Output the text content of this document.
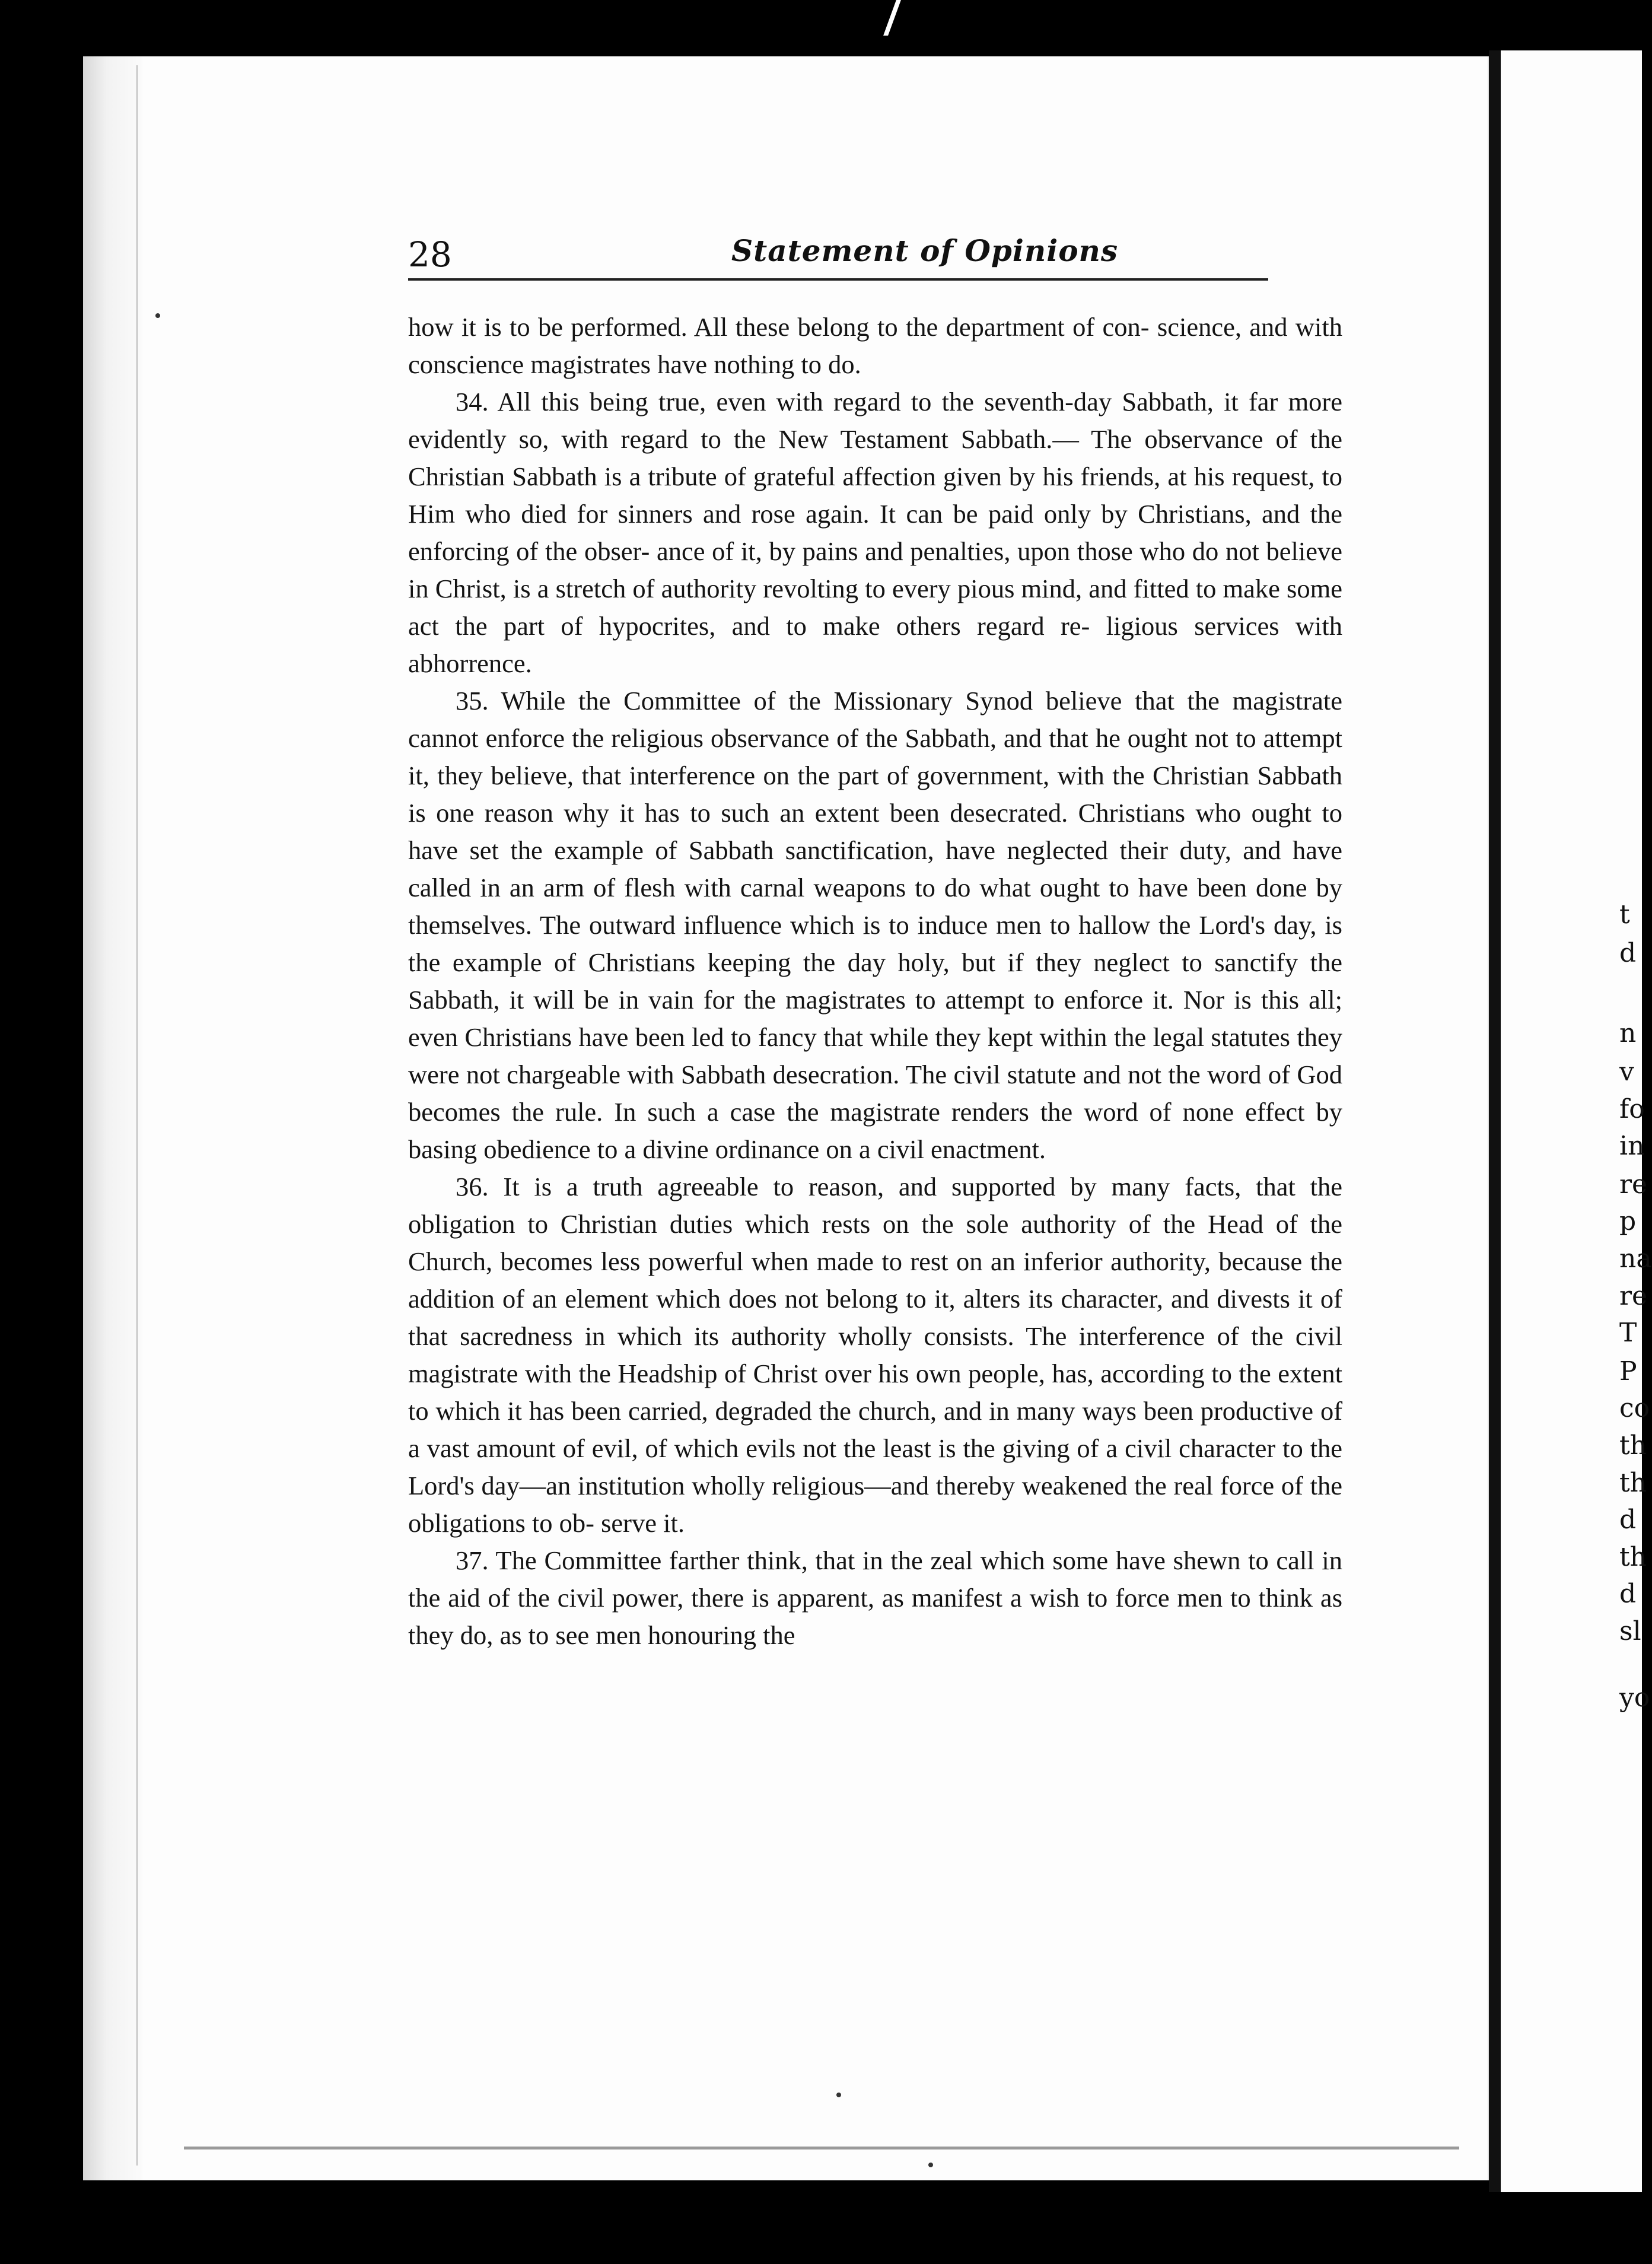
t
d
n
v
fo
in
re
p
na
re
T
P
co
th
th
d
th
d
sl
yo
28	Statement of Opinions
how it is to be performed. All these belong to the department of con- science, and with conscience magistrates have nothing to do.
34. All this being true, even with regard to the seventh-day Sabbath, it far more evidently so, with regard to the New Testament Sabbath.— The observance of the Christian Sabbath is a tribute of grateful affection given by his friends, at his request, to Him who died for sinners and rose again. It can be paid only by Christians, and the enforcing of the obser- ance of it, by pains and penalties, upon those who do not believe in Christ, is a stretch of authority revolting to every pious mind, and fitted to make some act the part of hypocrites, and to make others regard re- ligious services with abhorrence.
35. While the Committee of the Missionary Synod believe that the magistrate cannot enforce the religious observance of the Sabbath, and that he ought not to attempt it, they believe, that interference on the part of government, with the Christian Sabbath is one reason why it has to such an extent been desecrated. Christians who ought to have set the example of Sabbath sanctification, have neglected their duty, and have called in an arm of flesh with carnal weapons to do what ought to have been done by themselves. The outward influence which is to induce men to hallow the Lord's day, is the example of Christians keeping the day holy, but if they neglect to sanctify the Sabbath, it will be in vain for the magistrates to attempt to enforce it. Nor is this all; even Christians have been led to fancy that while they kept within the legal statutes they were not chargeable with Sabbath desecration. The civil statute and not the word of God becomes the rule. In such a case the magistrate renders the word of none effect by basing obedience to a divine ordinance on a civil enactment.
36. It is a truth agreeable to reason, and supported by many facts, that the obligation to Christian duties which rests on the sole authority of the Head of the Church, becomes less powerful when made to rest on an inferior authority, because the addition of an element which does not belong to it, alters its character, and divests it of that sacredness in which its authority wholly consists. The interference of the civil magistrate with the Headship of Christ over his own people, has, according to the extent to which it has been carried, degraded the church, and in many ways been productive of a vast amount of evil, of which evils not the least is the giving of a civil character to the Lord's day—an institution wholly religious—and thereby weakened the real force of the obligations to ob- serve it.
37. The Committee farther think, that in the zeal which some have shewn to call in the aid of the civil power, there is apparent, as manifest a wish to force men to think as they do, as to see men honouring the
